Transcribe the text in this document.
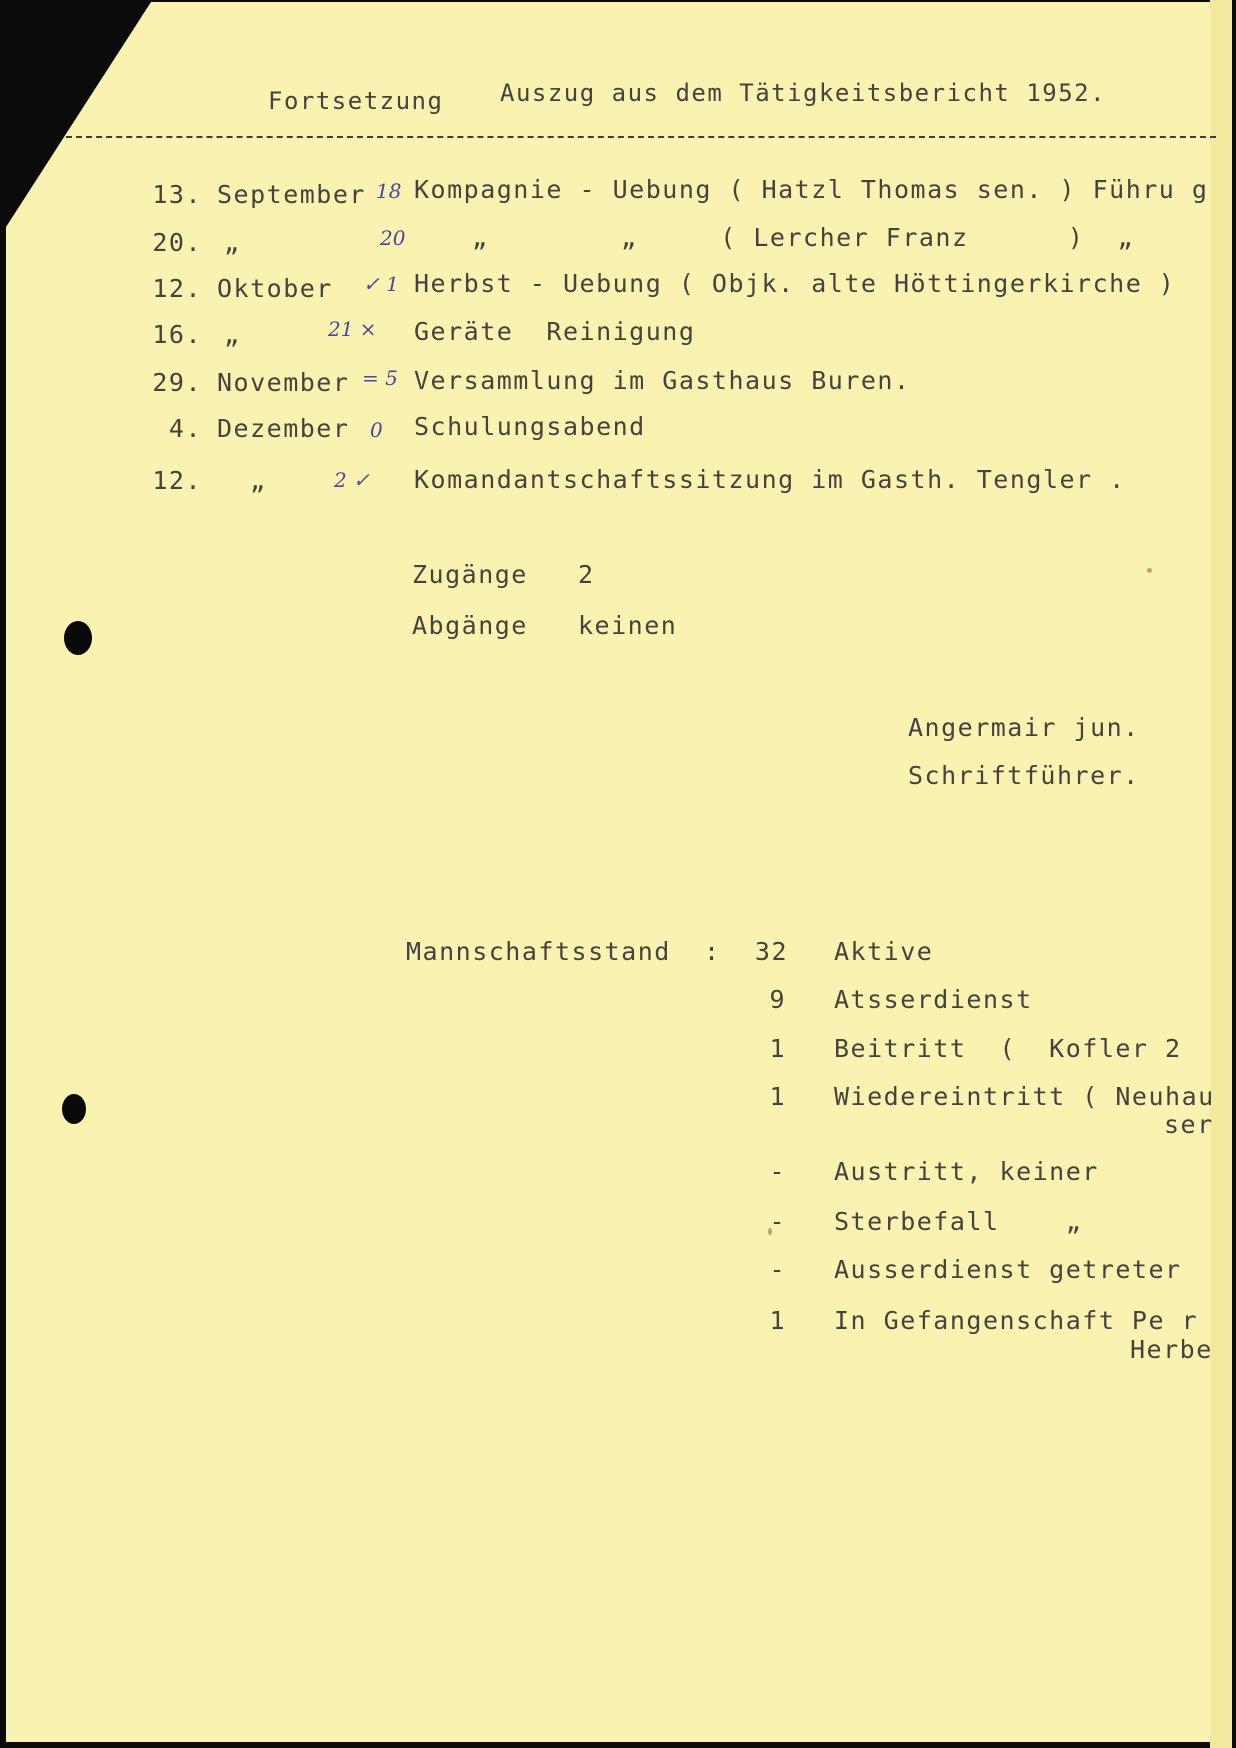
Fortsetzung Auszug aus dem Tätigkeitsbericht 1952.
13. September 18 Kompagnie - Uebung ( Hatzl Thomas sen. ) Führu g
20. „	20	„        „     ( Lercher Franz      )  „
12. Oktober ✓ 1 Herbst - Uebung ( Objk. alte Höttingerkirche )
16. „	21 × Geräte  Reinigung
29. November = 5 Versammlung im Gasthaus Buren.
4. Dezember 0 Schulungsabend
12. „	2 ✓ Komandantschaftssitzung im Gasth. Tengler .
Zugänge 2
Abgänge keinen
Angermair jun.
Schriftführer.
Mannschaftsstand :	32 Aktive
9 Atsserdienst
1 Beitritt  (  Kofler 2
1 Wiedereintritt ( Neuhau
ser
- Austritt, keiner
- Sterbefall    „
- Ausserdienst getreter
1 In Gefangenschaft Pe r
Herbe
